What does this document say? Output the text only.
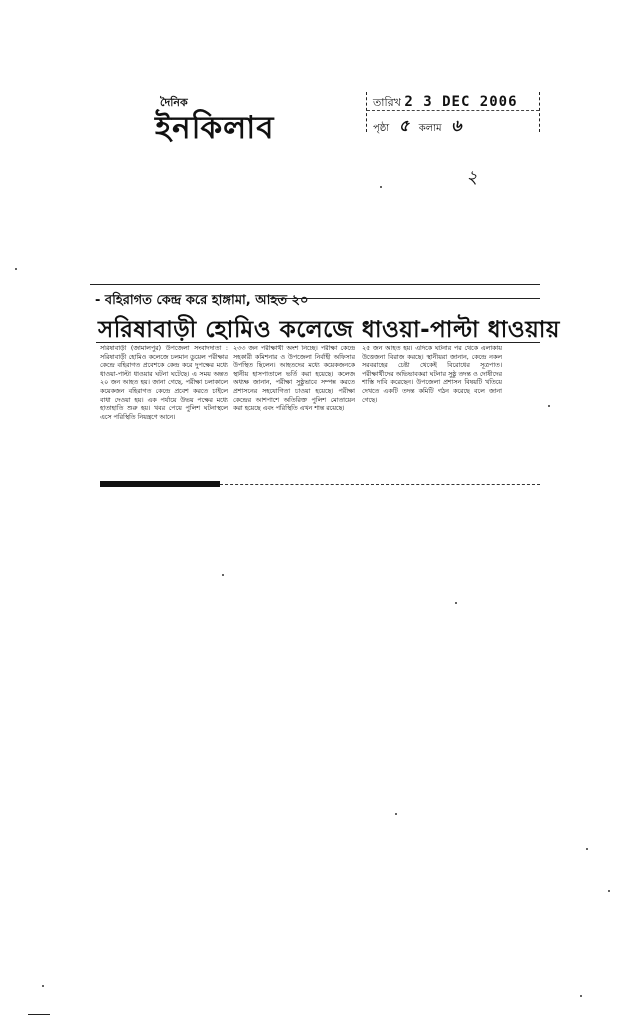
দৈনিক
ইনকিলাব
তারিখ 2 3 DEC 2006
পৃষ্ঠা ৫ কলাম ৬
২
- বহিরাগত কেন্দ্র করে হাঙ্গামা, আহত ২০
সরিষাবাড়ী হোমিও কলেজে ধাওয়া-পাল্টা ধাওয়ায়
সরিষাবাড়ী (জামালপুর) উপজেলা সংবাদদাতা : সরিষাবাড়ী হোমিও কলেজে চলমান ডুয়েল পরীক্ষার কেন্দ্রে বহিরাগত প্রবেশকে কেন্দ্র করে দুপক্ষের মধ্যে ধাওয়া-পাল্টা ধাওয়ার ঘটনা ঘটেছে। এ সময় অন্তত ২০ জন আহত হয়। জানা গেছে, পরীক্ষা চলাকালে কয়েকজন বহিরাগত কেন্দ্রে প্রবেশ করতে চাইলে বাধা দেওয়া হয়। এক পর্যায়ে উভয় পক্ষের মধ্যে হাতাহাতি শুরু হয়। খবর পেয়ে পুলিশ ঘটনাস্থলে এসে পরিস্থিতি নিয়ন্ত্রণে আনে।
২৩৩ জন পরীক্ষার্থী অংশ নিচ্ছে। পরীক্ষা কেন্দ্রে সহকারী কমিশনার ও উপজেলা নির্বাহী অফিসার উপস্থিত ছিলেন। আহতদের মধ্যে কয়েকজনকে স্থানীয় হাসপাতালে ভর্তি করা হয়েছে। কলেজ অধ্যক্ষ জানান, পরীক্ষা সুষ্ঠুভাবে সম্পন্ন করতে প্রশাসনের সহযোগিতা চাওয়া হয়েছে। পরীক্ষা কেন্দ্রের আশপাশে অতিরিক্ত পুলিশ মোতায়েন করা হয়েছে এবং পরিস্থিতি এখন শান্ত রয়েছে।
২৫ জন আহত হয়। এদিকে ঘটনার পর থেকে এলাকায় উত্তেজনা বিরাজ করছে। স্থানীয়রা জানান, কেন্দ্রে নকল সরবরাহের চেষ্টা থেকেই বিরোধের সূত্রপাত। পরীক্ষার্থীদের অভিভাবকরা ঘটনার সুষ্ঠু তদন্ত ও দোষীদের শাস্তি দাবি করেছেন। উপজেলা প্রশাসন বিষয়টি খতিয়ে দেখতে একটি তদন্ত কমিটি গঠন করেছে বলে জানা গেছে।
